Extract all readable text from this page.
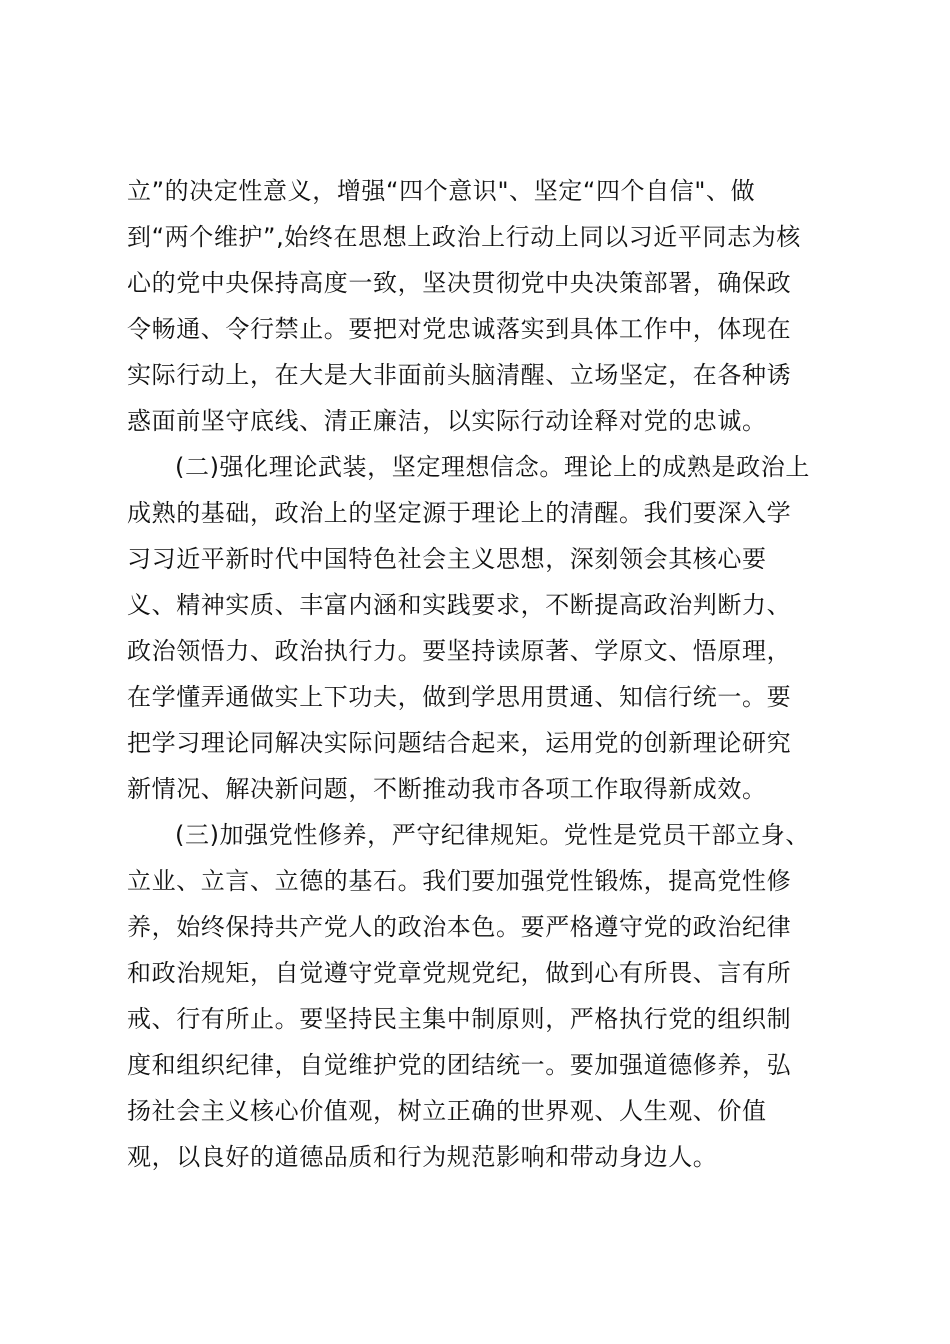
立”的决定性意义，增强“四个意识"、坚定“四个自信"、做
到“两个维护”,始终在思想上政治上行动上同以习近平同志为核
心的党中央保持高度一致，坚决贯彻党中央决策部署，确保政
令畅通、令行禁止。要把对党忠诚落实到具体工作中，体现在
实际行动上，在大是大非面前头脑清醒、立场坚定，在各种诱
惑面前坚守底线、清正廉洁，以实际行动诠释对党的忠诚。
(二)强化理论武装，坚定理想信念。理论上的成熟是政治上
成熟的基础，政治上的坚定源于理论上的清醒。我们要深入学
习习近平新时代中国特色社会主义思想，深刻领会其核心要
义、精神实质、丰富内涵和实践要求，不断提高政治判断力、
政治领悟力、政治执行力。要坚持读原著、学原文、悟原理，
在学懂弄通做实上下功夫，做到学思用贯通、知信行统一。要
把学习理论同解决实际问题结合起来，运用党的创新理论研究
新情况、解决新问题，不断推动我市各项工作取得新成效。
(三)加强党性修养，严守纪律规矩。党性是党员干部立身、
立业、立言、立德的基石。我们要加强党性锻炼，提高党性修
养，始终保持共产党人的政治本色。要严格遵守党的政治纪律
和政治规矩，自觉遵守党章党规党纪，做到心有所畏、言有所
戒、行有所止。要坚持民主集中制原则，严格执行党的组织制
度和组织纪律，自觉维护党的团结统一。要加强道德修养，弘
扬社会主义核心价值观，树立正确的世界观、人生观、价值
观，以良好的道德品质和行为规范影响和带动身边人。
